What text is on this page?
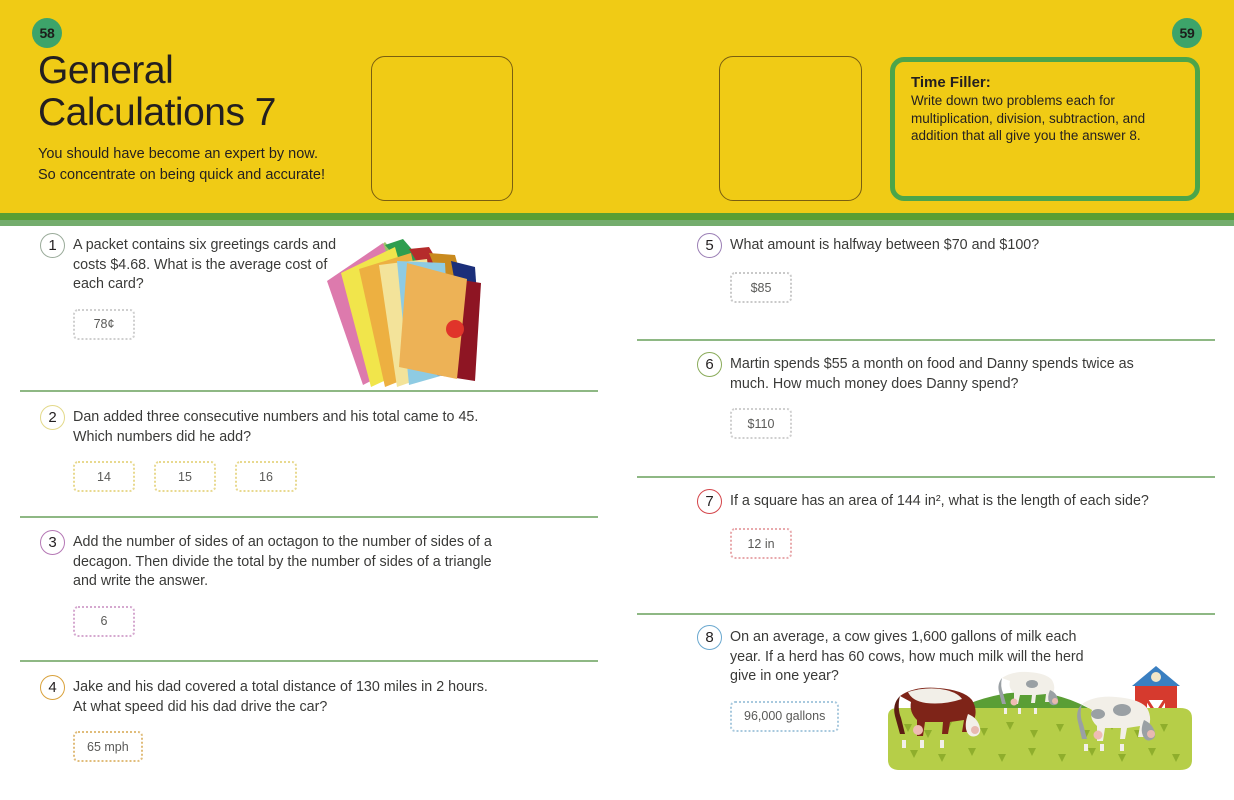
58	59
General
Calculations 7
You should have become an expert by now. So concentrate on being quick and accurate!
Time Filler:
Write down two problems each for multiplication, division, subtraction, and addition that all give you the answer 8.
1	A packet contains six greetings cards and costs $4.68. What is the average cost of each card?
78¢
2	Dan added three consecutive numbers and his total came to 45. Which numbers did he add?
14	15	16
3	Add the number of sides of an octagon to the number of sides of a decagon. Then divide the total by the number of sides of a triangle and write the answer.
6
4	Jake and his dad covered a total distance of 130 miles in 2 hours. At what speed did his dad drive the car?
65 mph
5	What amount is halfway between $70 and $100?
$85
6	Martin spends $55 a month on food and Danny spends twice as much. How much money does Danny spend?
$110
7	If a square has an area of 144 in², what is the length of each side?
12 in
8	On an average, a cow gives 1,600 gallons of milk each year. If a herd has 60 cows, how much milk will the herd give in one year?
96,000 gallons
